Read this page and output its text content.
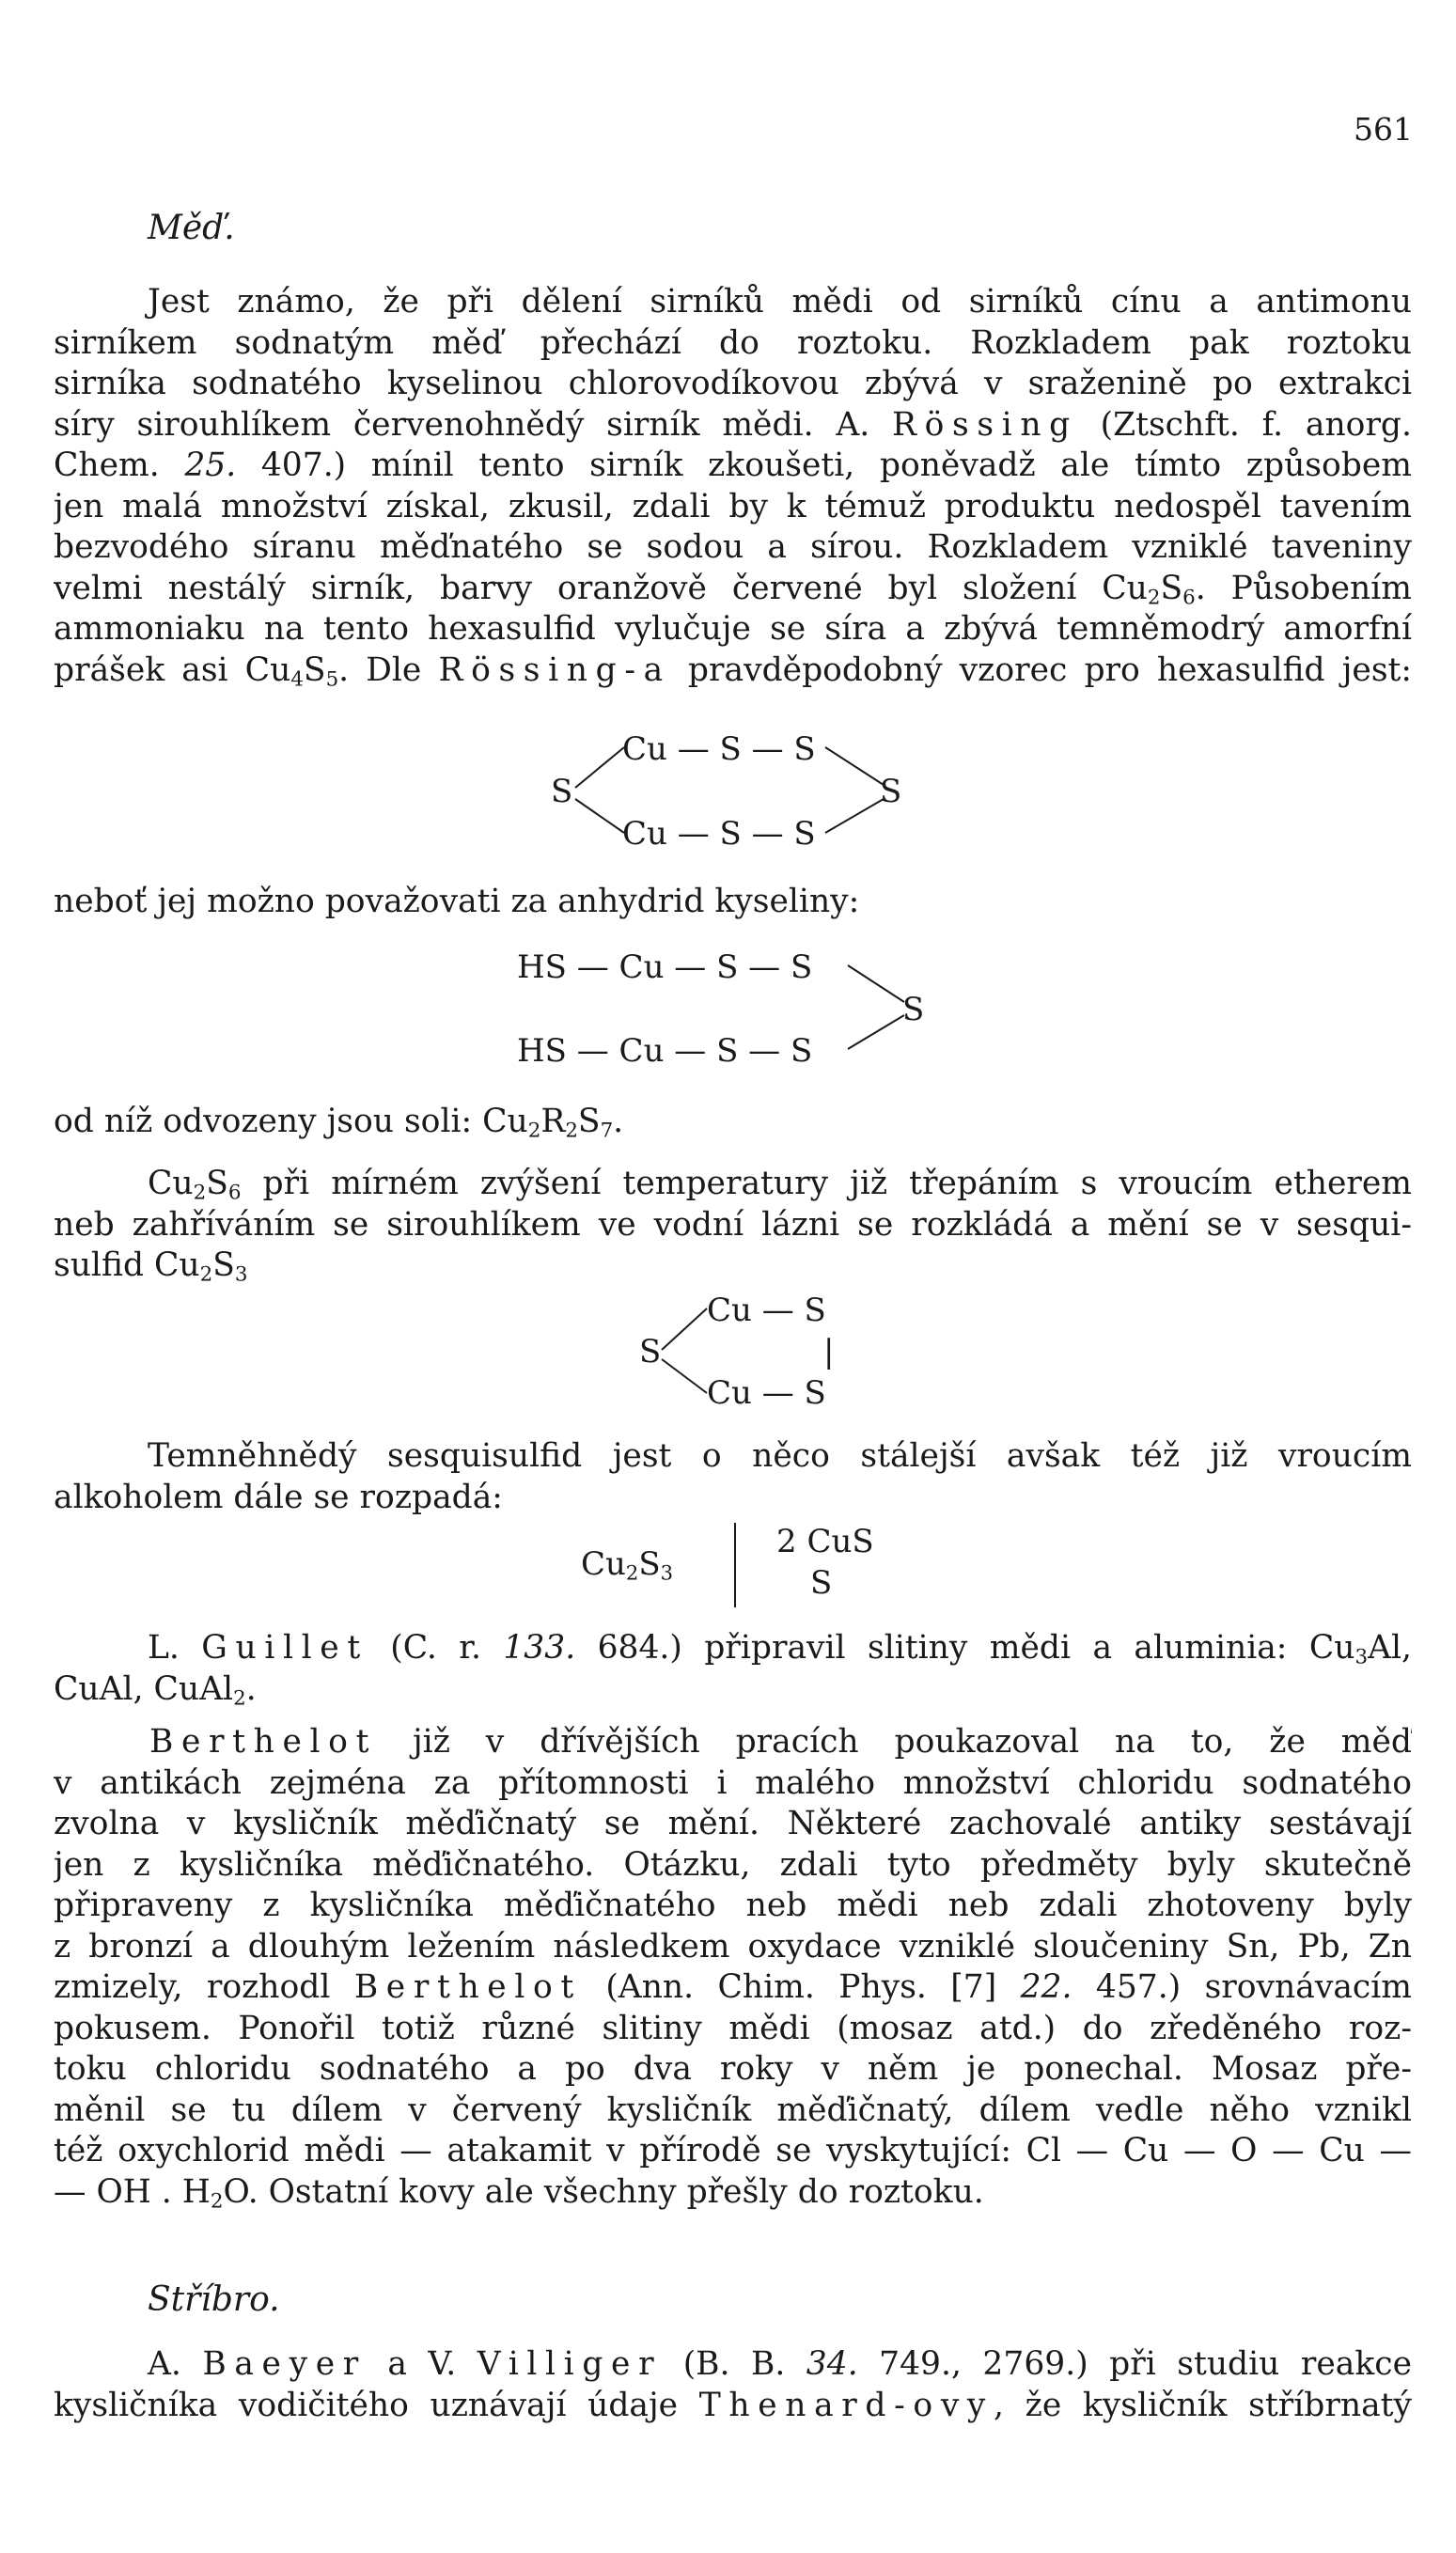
561
Měď.
Jest známo, že při dělení sirníků mědi od sirníků cínu a antimonu
sirníkem sodnatým měď přechází do roztoku. Rozkladem pak roztoku
sirníka sodnatého kyselinou chlorovodíkovou zbývá v sraženině po extrakci
síry sirouhlíkem červenohnědý sirník mědi. A. Rössing (Ztschft. f. anorg.
Chem. 25. 407.) mínil tento sirník zkoušeti, poněvadž ale tímto způsobem
jen malá množství získal, zkusil, zdali by k témuž produktu nedospěl tavením
bezvodého síranu měďnatého se sodou a sírou. Rozkladem vzniklé taveniny
velmi nestálý sirník, barvy oranžově červené byl složení $Cu_2S_6$. Působením
ammoniaku na tento hexasulfid vylučuje se síra a zbývá temněmodrý amorfní
prášek asi $Cu_4S_5$. Dle Rössing-a pravděpodobný vzorec pro hexasulfid jest:
Cu — S — S
Cu — S — S
S	S
neboť jej možno považovati za anhydrid kyseliny:
HS — Cu — S — S
HS — Cu — S — S
S
od níž odvozeny jsou soli: $Cu_2R_2S_7$.
$Cu_2S_6$ při mírném zvýšení temperatury již třepáním s vroucím etherem
neb zahříváním se sirouhlíkem ve vodní lázni se rozkládá a mění se v sesqui-
sulfid $Cu_2S_3$
Cu — S
|
Cu — S
S
Temněhnědý sesquisulfid jest o něco stálejší avšak též již vroucím
alkoholem dále se rozpadá:
$Cu_2S_3$
2 CuS
S
L. Guillet (C. r. 133. 684.) připravil slitiny mědi a aluminia: $Cu_3Al$,
CuAl, CuAl$_2$.
Berthelot již v dřívějších pracích poukazoval na to, že měď
v antikách zejména za přítomnosti i malého množství chloridu sodnatého
zvolna v kysličník měďičnatý se mění. Některé zachovalé antiky sestávají
jen z kysličníka měďičnatého. Otázku, zdali tyto předměty byly skutečně
připraveny z kysličníka měďičnatého neb mědi neb zdali zhotoveny byly
z bronzí a dlouhým ležením následkem oxydace vzniklé sloučeniny Sn, Pb, Zn
zmizely, rozhodl Berthelot (Ann. Chim. Phys. [7] 22. 457.) srovnávacím
pokusem. Ponořil totiž různé slitiny mědi (mosaz atd.) do zředěného roz-
toku chloridu sodnatého a po dva roky v něm je ponechal. Mosaz pře-
měnil se tu dílem v červený kysličník měďičnatý, dílem vedle něho vznikl
též oxychlorid mědi — atakamit v přírodě se vyskytující: Cl — Cu — O — Cu —
— OH . $H_2O$. Ostatní kovy ale všechny přešly do roztoku.
Stříbro.
A. Baeyer a V. Villiger (B. B. 34. 749., 2769.) při studiu reakce
kysličníka vodičitého uznávají údaje Thenard-ovy, že kysličník stříbrnatý
